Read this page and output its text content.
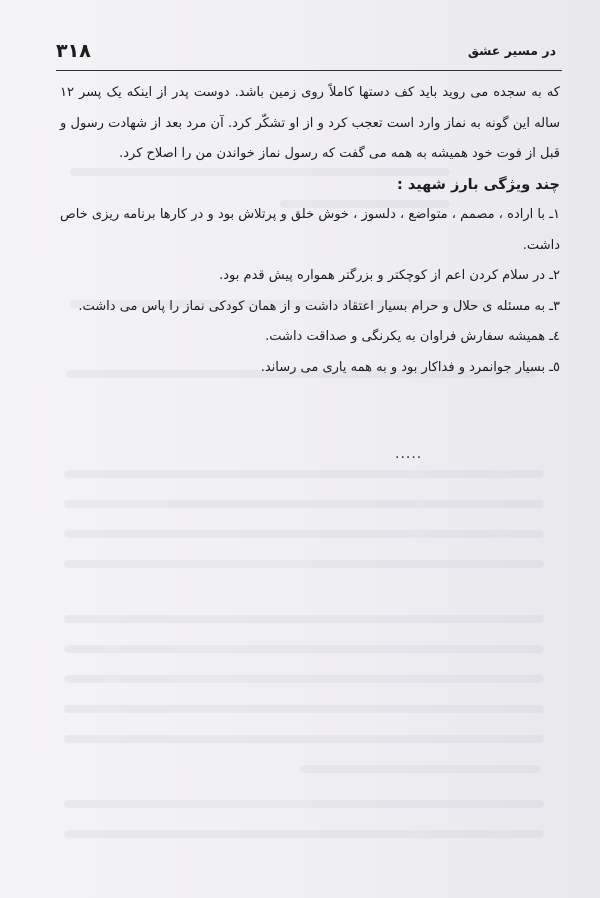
۳۱۸	در مسیر عشق

که به سجده می روید باید کف دستها کاملاً روی زمین باشد. دوست پدر از اینکه یک پسر ۱۲ ساله این گونه به نماز وارد است تعجب کرد و از او تشکّر کرد. آن مرد بعد از شهادت رسول و قبل از فوت خود همیشه به همه می گفت که رسول نماز خواندن من را اصلاح کرد.

چند ویژگی بارز شهید :

۱ـ با اراده ، مصمم ، متواضع ، دلسوز ، خوش خلق و پرتلاش بود و در کارها برنامه ریزی خاص داشت.

۲ـ در سلام کردن اعم از کوچکتر و بزرگتر همواره پیش قدم بود.

۳ـ به مسئله ی حلال و حرام بسیار اعتقاد داشت و از همان کودکی نماز را پاس می داشت.

٤ـ همیشه سفارش فراوان به یکرنگی و صداقت داشت.

٥ـ بسیار جوانمرد و فداکار بود و به همه یاری می رساند.

.....
